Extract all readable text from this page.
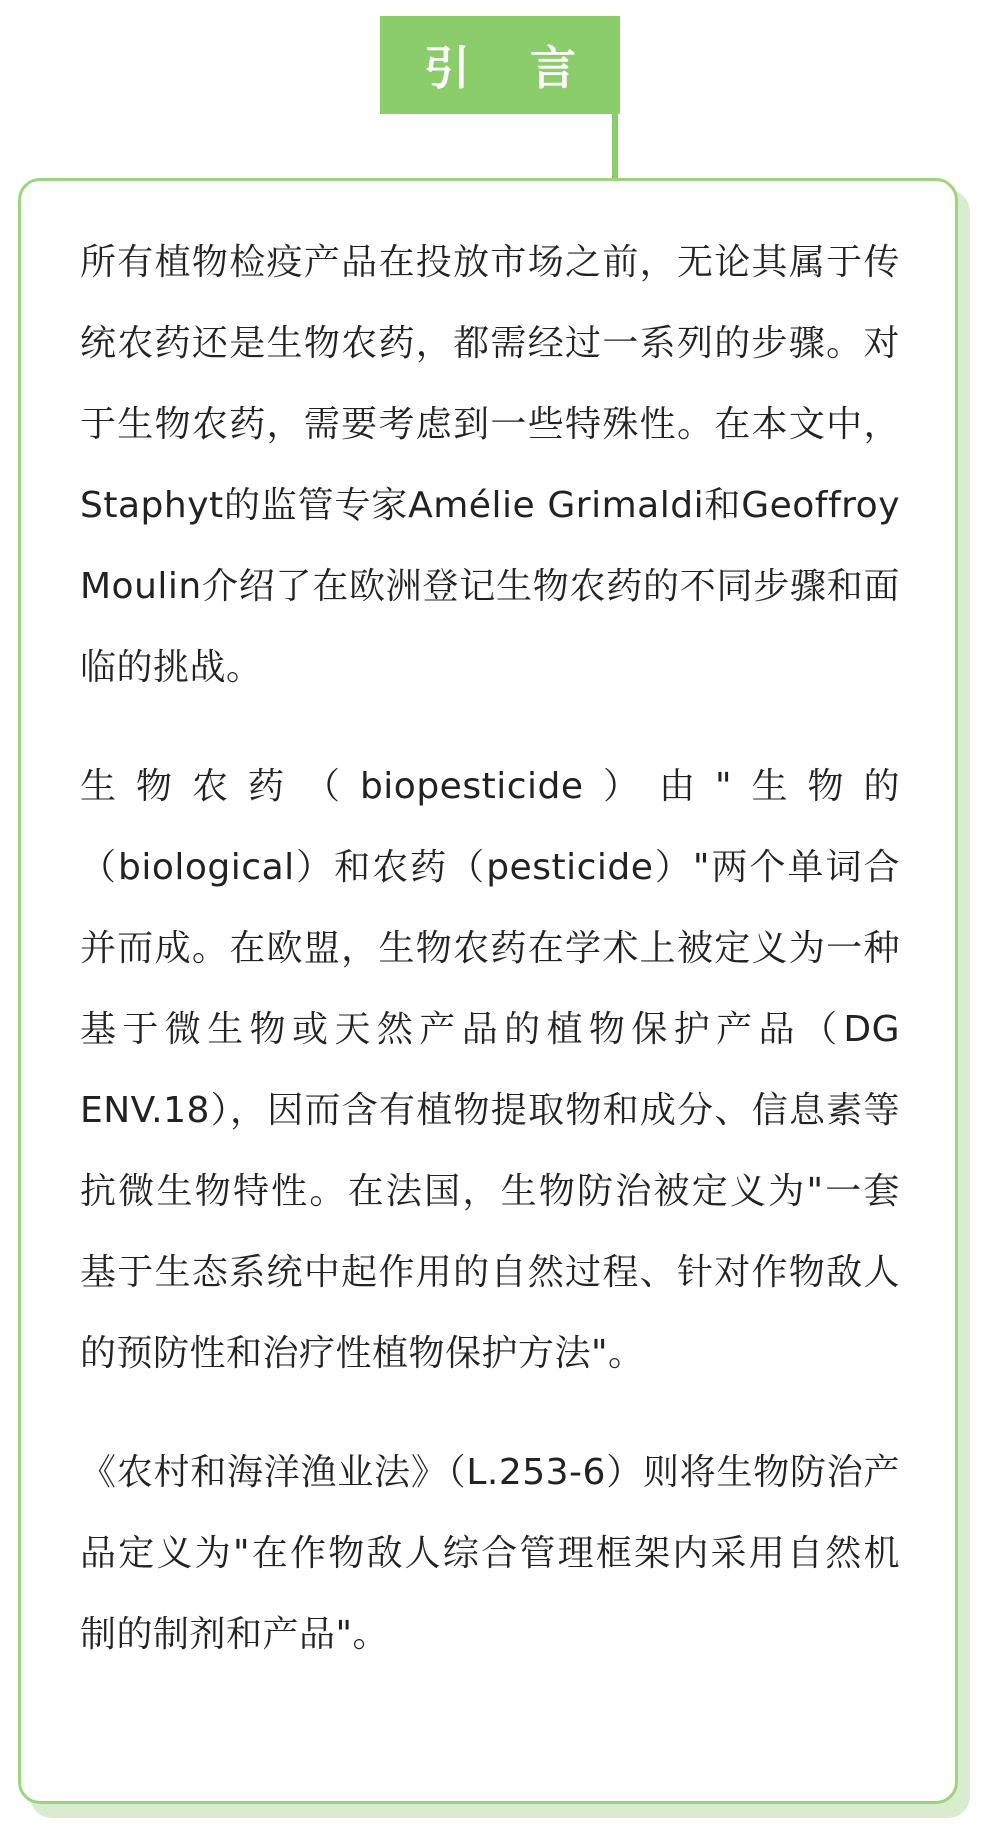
引 言

所有植物检疫产品在投放市场之前，无论其属于传统农药还是生物农药，都需经过一系列的步骤。对于生物农药，需要考虑到一些特殊性。在本文中，Staphyt的监管专家Amélie Grimaldi和Geoffroy Moulin介绍了在欧洲登记生物农药的不同步骤和面临的挑战。

生物农药（biopesticide）由"生物的（biological）和农药（pesticide）"两个单词合并而成。在欧盟，生物农药在学术上被定义为一种基于微生物或天然产品的植物保护产品（DG ENV.18），因而含有植物提取物和成分、信息素等抗微生物特性。在法国，生物防治被定义为"一套基于生态系统中起作用的自然过程、针对作物敌人的预防性和治疗性植物保护方法"。

《农村和海洋渔业法》（L.253-6）则将生物防治产品定义为"在作物敌人综合管理框架内采用自然机制的制剂和产品"。
